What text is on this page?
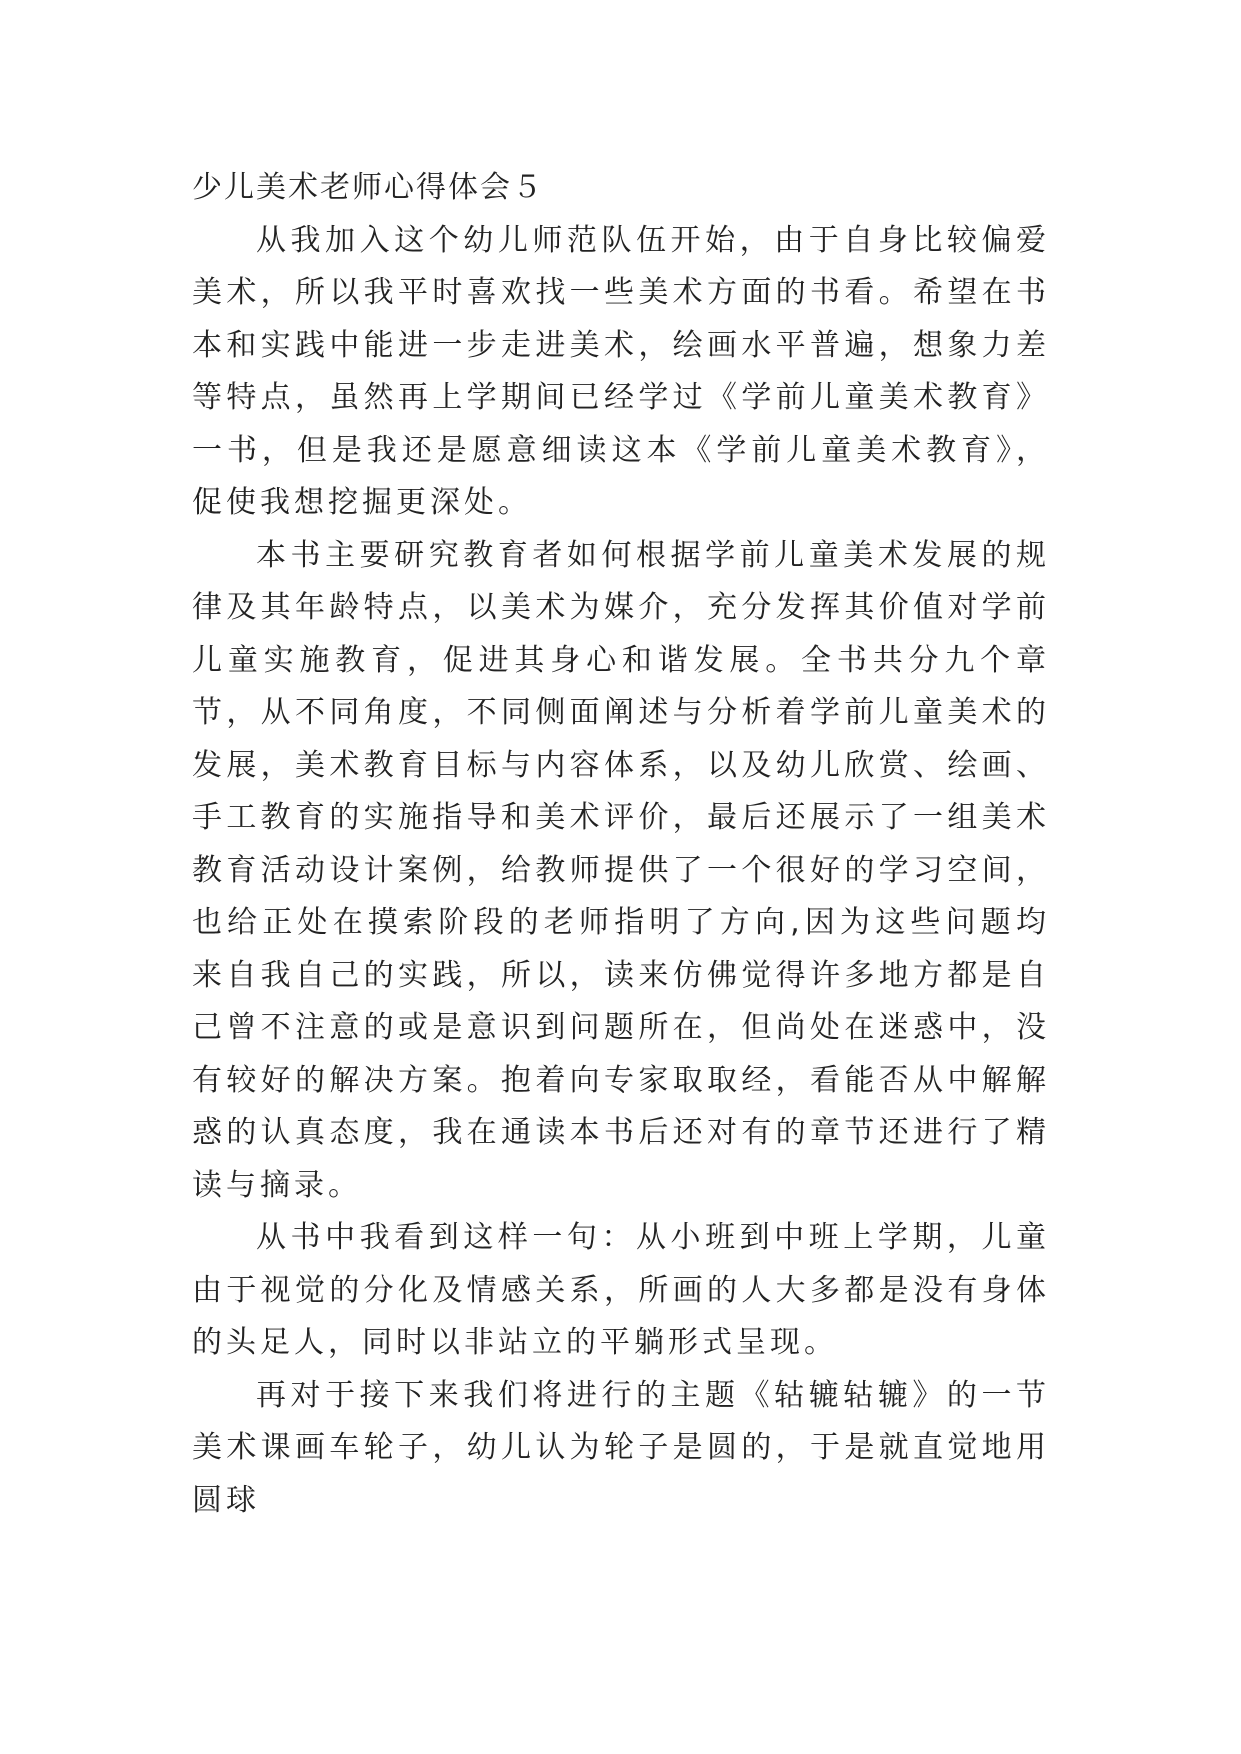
少儿美术老师心得体会５

从我加入这个幼儿师范队伍开始，由于自身比较偏爱美术，所以我平时喜欢找一些美术方面的书看。希望在书本和实践中能进一步走进美术，绘画水平普遍，想象力差等特点，虽然再上学期间已经学过《学前儿童美术教育》一书，但是我还是愿意细读这本《学前儿童美术教育》，促使我想挖掘更深处。

本书主要研究教育者如何根据学前儿童美术发展的规律及其年龄特点，以美术为媒介，充分发挥其价值对学前儿童实施教育，促进其身心和谐发展。全书共分九个章节，从不同角度，不同侧面阐述与分析着学前儿童美术的发展，美术教育目标与内容体系，以及幼儿欣赏、绘画、手工教育的实施指导和美术评价，最后还展示了一组美术教育活动设计案例，给教师提供了一个很好的学习空间，也给正处在摸索阶段的老师指明了方向,因为这些问题均来自我自己的实践，所以，读来仿佛觉得许多地方都是自己曾不注意的或是意识到问题所在，但尚处在迷惑中，没有较好的解决方案。抱着向专家取取经，看能否从中解解惑的认真态度，我在通读本书后还对有的章节还进行了精读与摘录。

从书中我看到这样一句：从小班到中班上学期，儿童由于视觉的分化及情感关系，所画的人大多都是没有身体的头足人，同时以非站立的平躺形式呈现。

再对于接下来我们将进行的主题《轱辘轱辘》的一节美术课画车轮子，幼儿认为轮子是圆的，于是就直觉地用圆球
